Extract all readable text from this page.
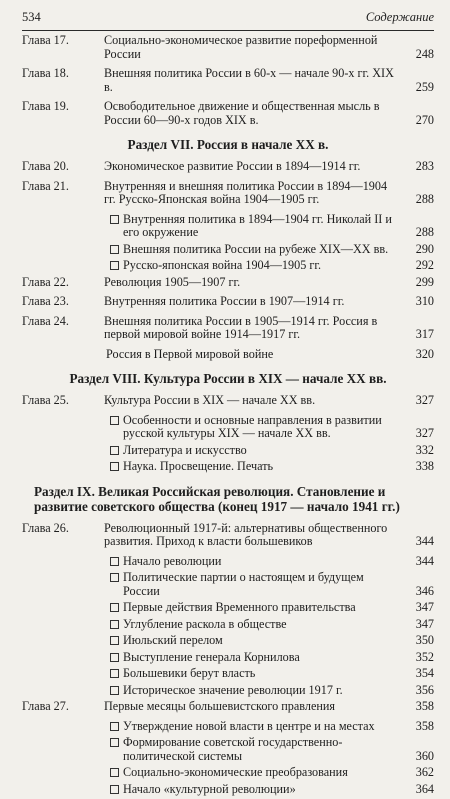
534	Содержание
Глава 17.	Социально-экономическое развитие пореформенной России	248
Глава 18.	Внешняя политика России в 60-х — начале 90-х гг. XIX в.	259
Глава 19.	Освободительное движение и общественная мысль в России 60—90-х годов XIX в.	270
Раздел VII. Россия в начале XX в.
Глава 20.	Экономическое развитие России в 1894—1914 гг.	283
Глава 21.	Внутренняя и внешняя политика России в 1894—1904 гг. Русско-Японская война 1904—1905 гг.	288
Внутренняя политика в 1894—1904 гг. Николай II и его окружение	288
Внешняя политика России на рубеже XIX—XX вв.	290
Русско-японская война 1904—1905 гг.	292
Глава 22.	Революция 1905—1907 гг.	299
Глава 23.	Внутренняя политика России в 1907—1914 гг.	310
Глава 24.	Внешняя политика России в 1905—1914 гг. Россия в первой мировой войне 1914—1917 гг.	317
Россия в Первой мировой войне	320
Раздел VIII. Культура России в XIX — начале XX вв.
Глава 25.	Культура России в XIX — начале XX вв.	327
Особенности и основные направления в развитии русской культуры XIX — начале XX вв.	327
Литература и искусство	332
Наука. Просвещение. Печать	338
Раздел IX. Великая Российская революция. Становление и развитие советского общества (конец 1917 — начало 1941 гг.)
Глава 26.	Революционный 1917-й: альтернативы общественного развития. Приход к власти большевиков	344
Начало революции	344
Политические партии о настоящем и будущем России	346
Первые действия Временного правительства	347
Углубление раскола в обществе	347
Июльский перелом	350
Выступление генерала Корнилова	352
Большевики берут власть	354
Историческое значение революции 1917 г.	356
Глава 27.	Первые месяцы большевистского правления	358
Утверждение новой власти в центре и на местах	358
Формирование советской государственно-политической системы	360
Социально-экономические преобразования	362
Начало «культурной революции»	364
